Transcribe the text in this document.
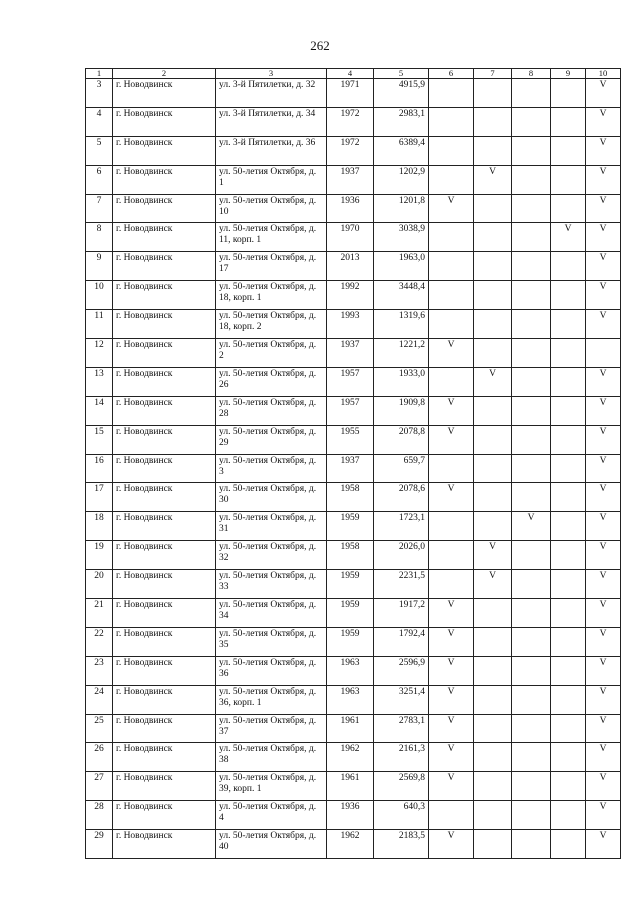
262
1	2	3	4	5	6	7	8	9	10
3	г. Новодвинск	ул. 3-й Пятилетки, д. 32	1971	4915,9					V
4	г. Новодвинск	ул. 3-й Пятилетки, д. 34	1972	2983,1					V
5	г. Новодвинск	ул. 3-й Пятилетки, д. 36	1972	6389,4					V
6	г. Новодвинск	ул. 50-летия Октября, д. 1	1937	1202,9		V			V
7	г. Новодвинск	ул. 50-летия Октября, д. 10	1936	1201,8	V				V
8	г. Новодвинск	ул. 50-летия Октября, д. 11, корп. 1	1970	3038,9				V	V
9	г. Новодвинск	ул. 50-летия Октября, д. 17	2013	1963,0					V
10	г. Новодвинск	ул. 50-летия Октября, д. 18, корп. 1	1992	3448,4					V
11	г. Новодвинск	ул. 50-летия Октября, д. 18, корп. 2	1993	1319,6					V
12	г. Новодвинск	ул. 50-летия Октября, д. 2	1937	1221,2	V				
13	г. Новодвинск	ул. 50-летия Октября, д. 26	1957	1933,0		V			V
14	г. Новодвинск	ул. 50-летия Октября, д. 28	1957	1909,8	V				V
15	г. Новодвинск	ул. 50-летия Октября, д. 29	1955	2078,8	V				V
16	г. Новодвинск	ул. 50-летия Октября, д. 3	1937	659,7					V
17	г. Новодвинск	ул. 50-летия Октября, д. 30	1958	2078,6	V				V
18	г. Новодвинск	ул. 50-летия Октября, д. 31	1959	1723,1			V		V
19	г. Новодвинск	ул. 50-летия Октября, д. 32	1958	2026,0		V			V
20	г. Новодвинск	ул. 50-летия Октября, д. 33	1959	2231,5		V			V
21	г. Новодвинск	ул. 50-летия Октября, д. 34	1959	1917,2	V				V
22	г. Новодвинск	ул. 50-летия Октября, д. 35	1959	1792,4	V				V
23	г. Новодвинск	ул. 50-летия Октября, д. 36	1963	2596,9	V				V
24	г. Новодвинск	ул. 50-летия Октября, д. 36, корп. 1	1963	3251,4	V				V
25	г. Новодвинск	ул. 50-летия Октября, д. 37	1961	2783,1	V				V
26	г. Новодвинск	ул. 50-летия Октября, д. 38	1962	2161,3	V				V
27	г. Новодвинск	ул. 50-летия Октября, д. 39, корп. 1	1961	2569,8	V				V
28	г. Новодвинск	ул. 50-летия Октября, д. 4	1936	640,3					V
29	г. Новодвинск	ул. 50-летия Октября, д. 40	1962	2183,5	V				V
